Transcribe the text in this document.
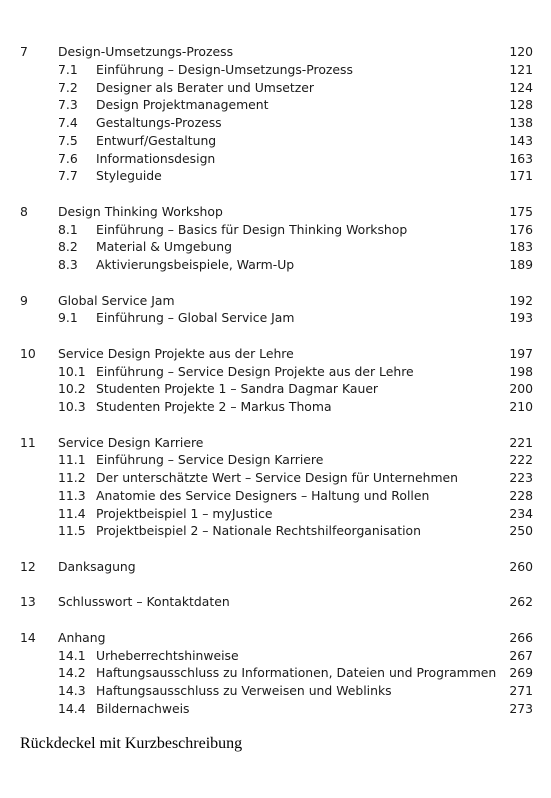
7 Design-Umsetzungs-Prozess	120
7.1 Einführung – Design-Umsetzungs-Prozess	121
7.2 Designer als Berater und Umsetzer	124
7.3 Design Projektmanagement	128
7.4 Gestaltungs-Prozess	138
7.5 Entwurf/Gestaltung	143
7.6 Informationsdesign	163
7.7 Styleguide	171
8 Design Thinking Workshop	175
8.1 Einführung – Basics für Design Thinking Workshop	176
8.2 Material & Umgebung	183
8.3 Aktivierungsbeispiele, Warm-Up	189
9 Global Service Jam	192
9.1 Einführung – Global Service Jam	193
10 Service Design Projekte aus der Lehre	197
10.1 Einführung – Service Design Projekte aus der Lehre	198
10.2 Studenten Projekte 1 – Sandra Dagmar Kauer	200
10.3 Studenten Projekte 2 – Markus Thoma	210
11 Service Design Karriere	221
11.1 Einführung – Service Design Karriere	222
11.2 Der unterschätzte Wert – Service Design für Unternehmen	223
11.3 Anatomie des Service Designers – Haltung und Rollen	228
11.4 Projektbeispiel 1 – myJustice	234
11.5 Projektbeispiel 2 – Nationale Rechtshilfeorganisation	250
12 Danksagung	260
13 Schlusswort – Kontaktdaten	262
14 Anhang	266
14.1 Urheberrechtshinweise	267
14.2 Haftungsausschluss zu Informationen, Dateien und Programmen 269
14.3 Haftungsausschluss zu Verweisen und Weblinks	271
14.4 Bildernachweis	273
Rückdeckel mit Kurzbeschreibung
